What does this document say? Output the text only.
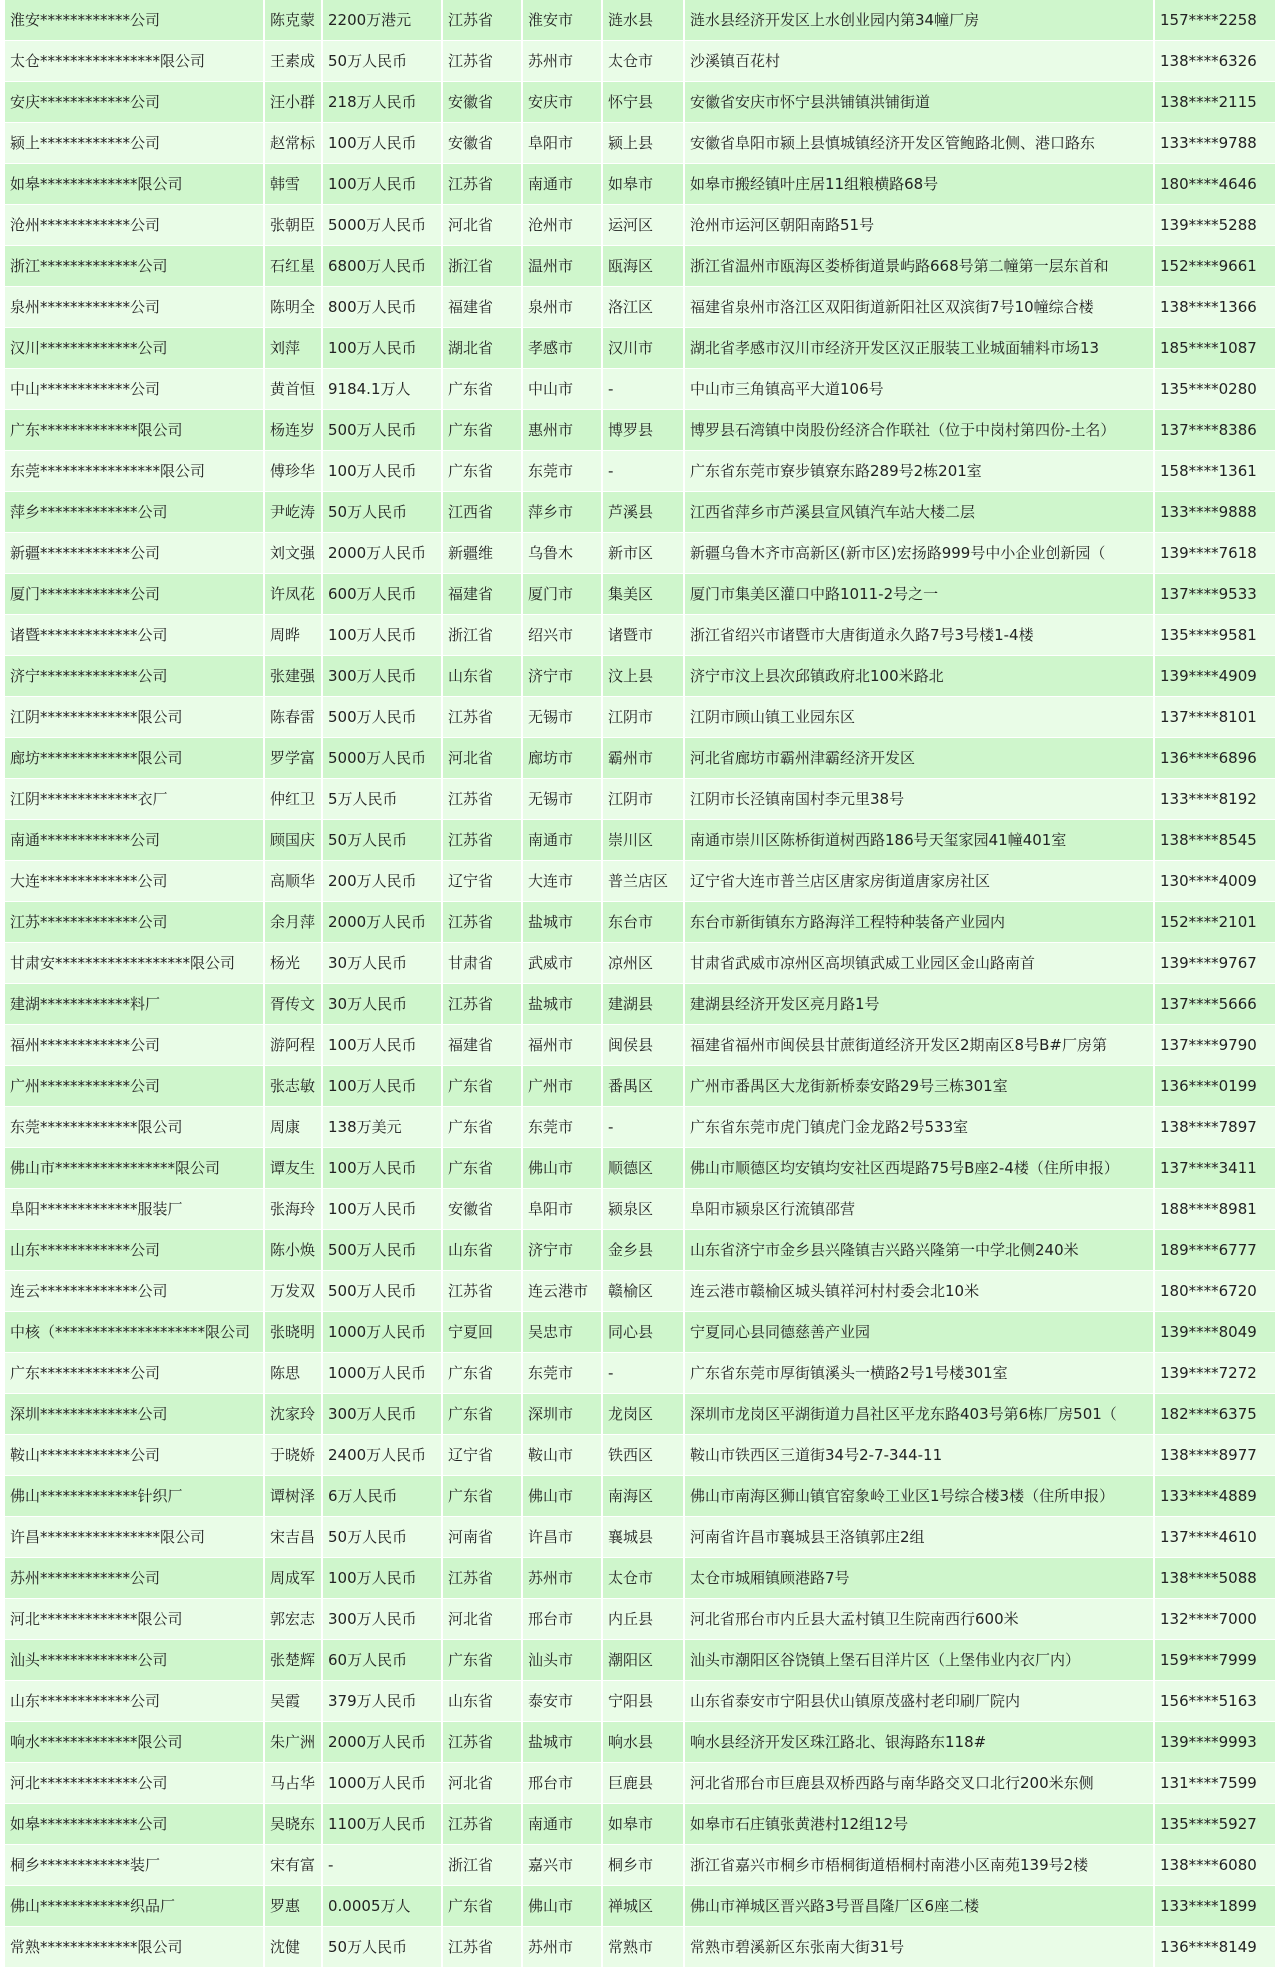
淮安************公司	陈克蒙	2200万港元	江苏省	淮安市	涟水县	涟水县经济开发区上水创业园内第34幢厂房	157****2258
太仓****************限公司	王素成	50万人民币	江苏省	苏州市	太仓市	沙溪镇百花村	138****6326
安庆************公司	汪小群	218万人民币	安徽省	安庆市	怀宁县	安徽省安庆市怀宁县洪铺镇洪铺街道	138****2115
颍上************公司	赵常标	100万人民币	安徽省	阜阳市	颍上县	安徽省阜阳市颍上县慎城镇经济开发区管鲍路北侧、港口路东	133****9788
如皋*************限公司	韩雪	100万人民币	江苏省	南通市	如皋市	如皋市搬经镇叶庄居11组粮横路68号	180****4646
沧州************公司	张朝臣	5000万人民币	河北省	沧州市	运河区	沧州市运河区朝阳南路51号	139****5288
浙江*************公司	石红星	6800万人民币	浙江省	温州市	瓯海区	浙江省温州市瓯海区娄桥街道景屿路668号第二幢第一层东首和	152****9661
泉州************公司	陈明全	800万人民币	福建省	泉州市	洛江区	福建省泉州市洛江区双阳街道新阳社区双滨街7号10幢综合楼	138****1366
汉川*************公司	刘萍	100万人民币	湖北省	孝感市	汉川市	湖北省孝感市汉川市经济开发区汉正服装工业城面辅料市场13	185****1087
中山************公司	黄首恒	9184.1万人	广东省	中山市	-	中山市三角镇高平大道106号	135****0280
广东*************限公司	杨连岁	500万人民币	广东省	惠州市	博罗县	博罗县石湾镇中岗股份经济合作联社（位于中岗村第四份-土名）	137****8386
东莞****************限公司	傅珍华	100万人民币	广东省	东莞市	-	广东省东莞市寮步镇寮东路289号2栋201室	158****1361
萍乡*************公司	尹屹涛	50万人民币	江西省	萍乡市	芦溪县	江西省萍乡市芦溪县宣风镇汽车站大楼二层	133****9888
新疆************公司	刘文强	2000万人民币	新疆维	乌鲁木	新市区	新疆乌鲁木齐市高新区(新市区)宏扬路999号中小企业创新园（	139****7618
厦门************公司	许凤花	600万人民币	福建省	厦门市	集美区	厦门市集美区灌口中路1011-2号之一	137****9533
诸暨*************公司	周晔	100万人民币	浙江省	绍兴市	诸暨市	浙江省绍兴市诸暨市大唐街道永久路7号3号楼1-4楼	135****9581
济宁*************公司	张建强	300万人民币	山东省	济宁市	汶上县	济宁市汶上县次邱镇政府北100米路北	139****4909
江阴*************限公司	陈春雷	500万人民币	江苏省	无锡市	江阴市	江阴市顾山镇工业园东区	137****8101
廊坊*************限公司	罗学富	5000万人民币	河北省	廊坊市	霸州市	河北省廊坊市霸州津霸经济开发区	136****6896
江阴*************衣厂	仲红卫	5万人民币	江苏省	无锡市	江阴市	江阴市长泾镇南国村李元里38号	133****8192
南通************公司	顾国庆	50万人民币	江苏省	南通市	崇川区	南通市崇川区陈桥街道树西路186号天玺家园41幢401室	138****8545
大连*************公司	高顺华	200万人民币	辽宁省	大连市	普兰店区	辽宁省大连市普兰店区唐家房街道唐家房社区	130****4009
江苏*************公司	余月萍	2000万人民币	江苏省	盐城市	东台市	东台市新街镇东方路海洋工程特种装备产业园内	152****2101
甘肃安******************限公司	杨光	30万人民币	甘肃省	武威市	凉州区	甘肃省武威市凉州区高坝镇武威工业园区金山路南首	139****9767
建湖************料厂	胥传文	30万人民币	江苏省	盐城市	建湖县	建湖县经济开发区亮月路1号	137****5666
福州************公司	游阿程	100万人民币	福建省	福州市	闽侯县	福建省福州市闽侯县甘蔗街道经济开发区2期南区8号B#厂房第	137****9790
广州************公司	张志敏	100万人民币	广东省	广州市	番禺区	广州市番禺区大龙街新桥泰安路29号三栋301室	136****0199
东莞*************限公司	周康	138万美元	广东省	东莞市	-	广东省东莞市虎门镇虎门金龙路2号533室	138****7897
佛山市****************限公司	谭友生	100万人民币	广东省	佛山市	顺德区	佛山市顺德区均安镇均安社区西堤路75号B座2-4楼（住所申报）	137****3411
阜阳*************服装厂	张海玲	100万人民币	安徽省	阜阳市	颍泉区	阜阳市颍泉区行流镇邵营	188****8981
山东************公司	陈小焕	500万人民币	山东省	济宁市	金乡县	山东省济宁市金乡县兴隆镇吉兴路兴隆第一中学北侧240米	189****6777
连云*************公司	万发双	500万人民币	江苏省	连云港市	赣榆区	连云港市赣榆区城头镇祥河村村委会北10米	180****6720
中核（********************限公司	张晓明	1000万人民币	宁夏回	吴忠市	同心县	宁夏同心县同德慈善产业园	139****8049
广东************公司	陈思	1000万人民币	广东省	东莞市	-	广东省东莞市厚街镇溪头一横路2号1号楼301室	139****7272
深圳*************公司	沈家玲	300万人民币	广东省	深圳市	龙岗区	深圳市龙岗区平湖街道力昌社区平龙东路403号第6栋厂房501（	182****6375
鞍山************公司	于晓娇	2400万人民币	辽宁省	鞍山市	铁西区	鞍山市铁西区三道街34号2-7-344-11	138****8977
佛山*************针织厂	谭树泽	6万人民币	广东省	佛山市	南海区	佛山市南海区狮山镇官窑象岭工业区1号综合楼3楼（住所申报）	133****4889
许昌****************限公司	宋吉昌	50万人民币	河南省	许昌市	襄城县	河南省许昌市襄城县王洛镇郭庄2组	137****4610
苏州************公司	周成军	100万人民币	江苏省	苏州市	太仓市	太仓市城厢镇顾港路7号	138****5088
河北*************限公司	郭宏志	300万人民币	河北省	邢台市	内丘县	河北省邢台市内丘县大孟村镇卫生院南西行600米	132****7000
汕头*************公司	张楚辉	60万人民币	广东省	汕头市	潮阳区	汕头市潮阳区谷饶镇上堡石目洋片区（上堡伟业内衣厂内）	159****7999
山东************公司	吴霞	379万人民币	山东省	泰安市	宁阳县	山东省泰安市宁阳县伏山镇原茂盛村老印刷厂院内	156****5163
响水*************限公司	朱广洲	2000万人民币	江苏省	盐城市	响水县	响水县经济开发区珠江路北、银海路东118#	139****9993
河北*************公司	马占华	1000万人民币	河北省	邢台市	巨鹿县	河北省邢台市巨鹿县双桥西路与南华路交叉口北行200米东侧	131****7599
如皋*************公司	吴晓东	1100万人民币	江苏省	南通市	如皋市	如皋市石庄镇张黄港村12组12号	135****5927
桐乡************装厂	宋有富	-	浙江省	嘉兴市	桐乡市	浙江省嘉兴市桐乡市梧桐街道梧桐村南港小区南苑139号2楼	138****6080
佛山************织品厂	罗惠	0.0005万人	广东省	佛山市	禅城区	佛山市禅城区晋兴路3号晋昌隆厂区6座二楼	133****1899
常熟*************限公司	沈健	50万人民币	江苏省	苏州市	常熟市	常熟市碧溪新区东张南大街31号	136****8149
